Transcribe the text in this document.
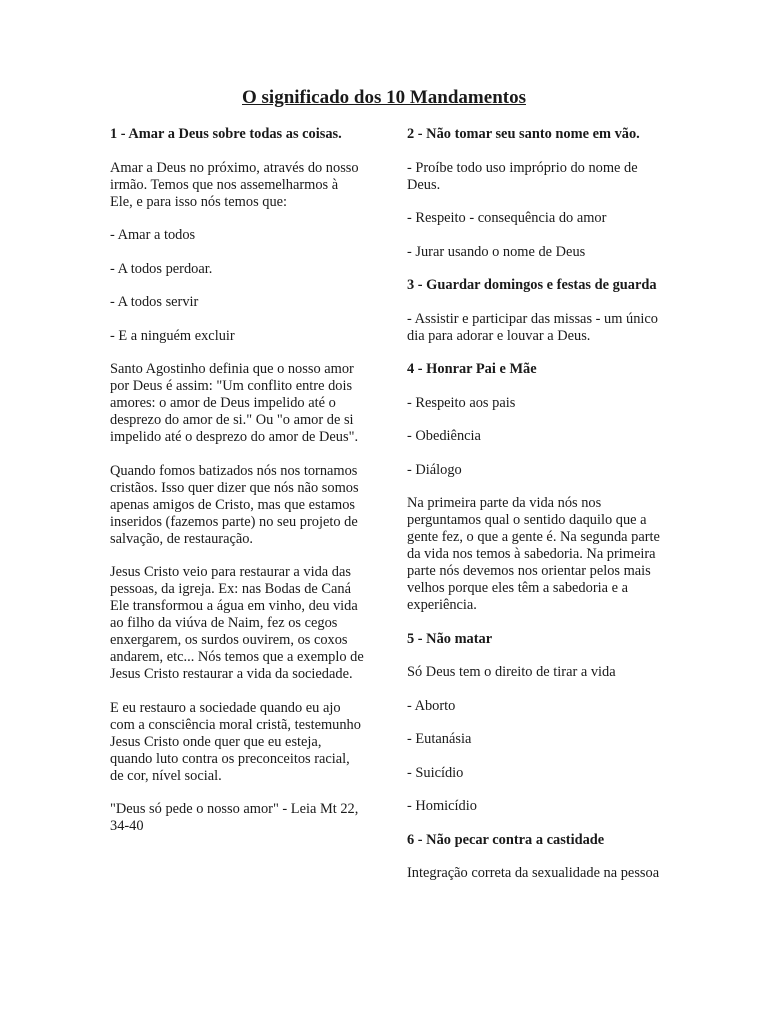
O significado dos 10 Mandamentos

1 - Amar a Deus sobre todas as coisas.

Amar a Deus no próximo, através do nosso irmão. Temos que nos assemelharmos à Ele, e para isso nós temos que:

- Amar a todos

- A todos perdoar.

- A todos servir

- E a ninguém excluir

Santo Agostinho definia que o nosso amor por Deus é assim: "Um conflito entre dois amores: o amor de Deus impelido até o desprezo do amor de si." Ou "o amor de si impelido até o desprezo do amor de Deus".

Quando fomos batizados nós nos tornamos cristãos. Isso quer dizer que nós não somos apenas amigos de Cristo, mas que estamos inseridos (fazemos parte) no seu projeto de salvação, de restauração.

Jesus Cristo veio para restaurar a vida das pessoas, da igreja. Ex: nas Bodas de Caná Ele transformou a água em vinho, deu vida ao filho da viúva de Naim, fez os cegos enxergarem, os surdos ouvirem, os coxos andarem, etc... Nós temos que a exemplo de Jesus Cristo restaurar a vida da sociedade.

E eu restauro a sociedade quando eu ajo com a consciência moral cristã, testemunho Jesus Cristo onde quer que eu esteja, quando luto contra os preconceitos racial, de cor, nível social.

"Deus só pede o nosso amor" - Leia Mt 22, 34-40

2 - Não tomar seu santo nome em vão.

- Proíbe todo uso impróprio do nome de Deus.

- Respeito - consequência do amor

- Jurar usando o nome de Deus

3 - Guardar domingos e festas de guarda

- Assistir e participar das missas - um único dia para adorar e louvar a Deus.

4 - Honrar Pai e Mãe

- Respeito aos pais

- Obediência

- Diálogo

Na primeira parte da vida nós nos perguntamos qual o sentido daquilo que a gente fez, o que a gente é. Na segunda parte da vida nos temos à sabedoria. Na primeira parte nós devemos nos orientar pelos mais velhos porque eles têm a sabedoria e a experiência.

5 - Não matar

Só Deus tem o direito de tirar a vida

- Aborto

- Eutanásia

- Suicídio

- Homicídio

6 - Não pecar contra a castidade

Integração correta da sexualidade na pessoa
